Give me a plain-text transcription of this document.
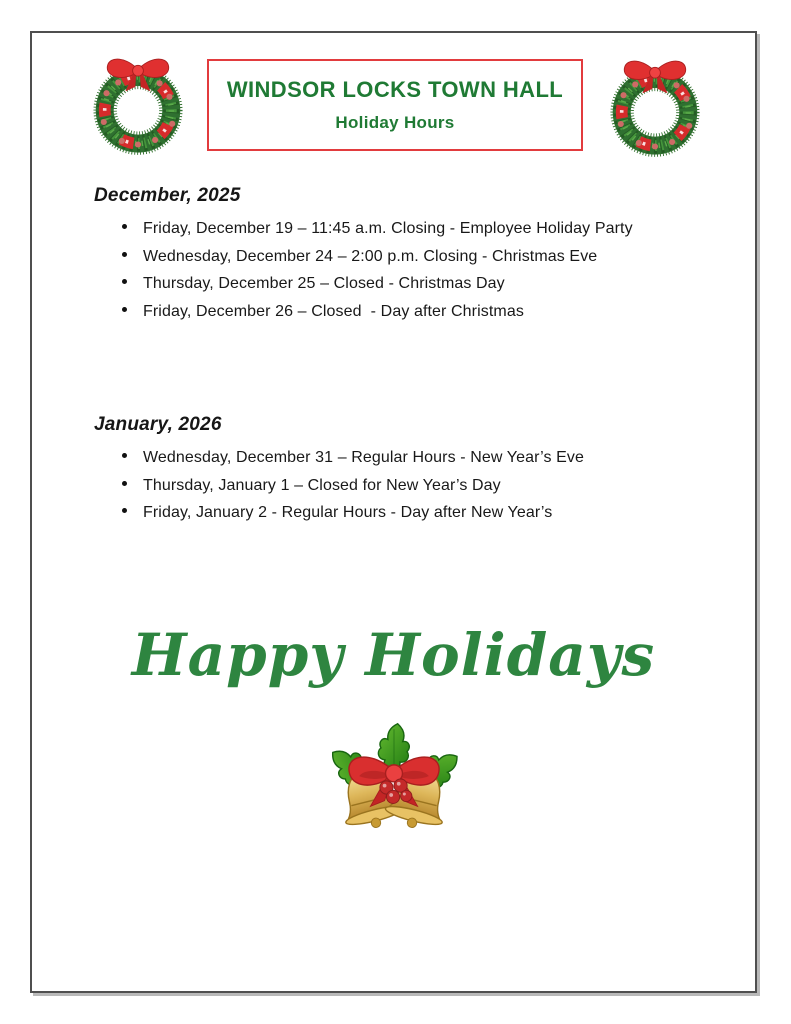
WINDSOR LOCKS TOWN HALL
Holiday Hours
December, 2025
Friday, December 19 – 11:45 a.m. Closing - Employee Holiday Party
Wednesday, December 24 – 2:00 p.m. Closing - Christmas Eve
Thursday, December 25 – Closed - Christmas Day
Friday, December 26 – Closed  - Day after Christmas
January, 2026
Wednesday, December 31 – Regular Hours - New Year’s Eve
Thursday, January 1 – Closed for New Year’s Day
Friday, January 2 - Regular Hours - Day after New Year’s
Happy Holidays
